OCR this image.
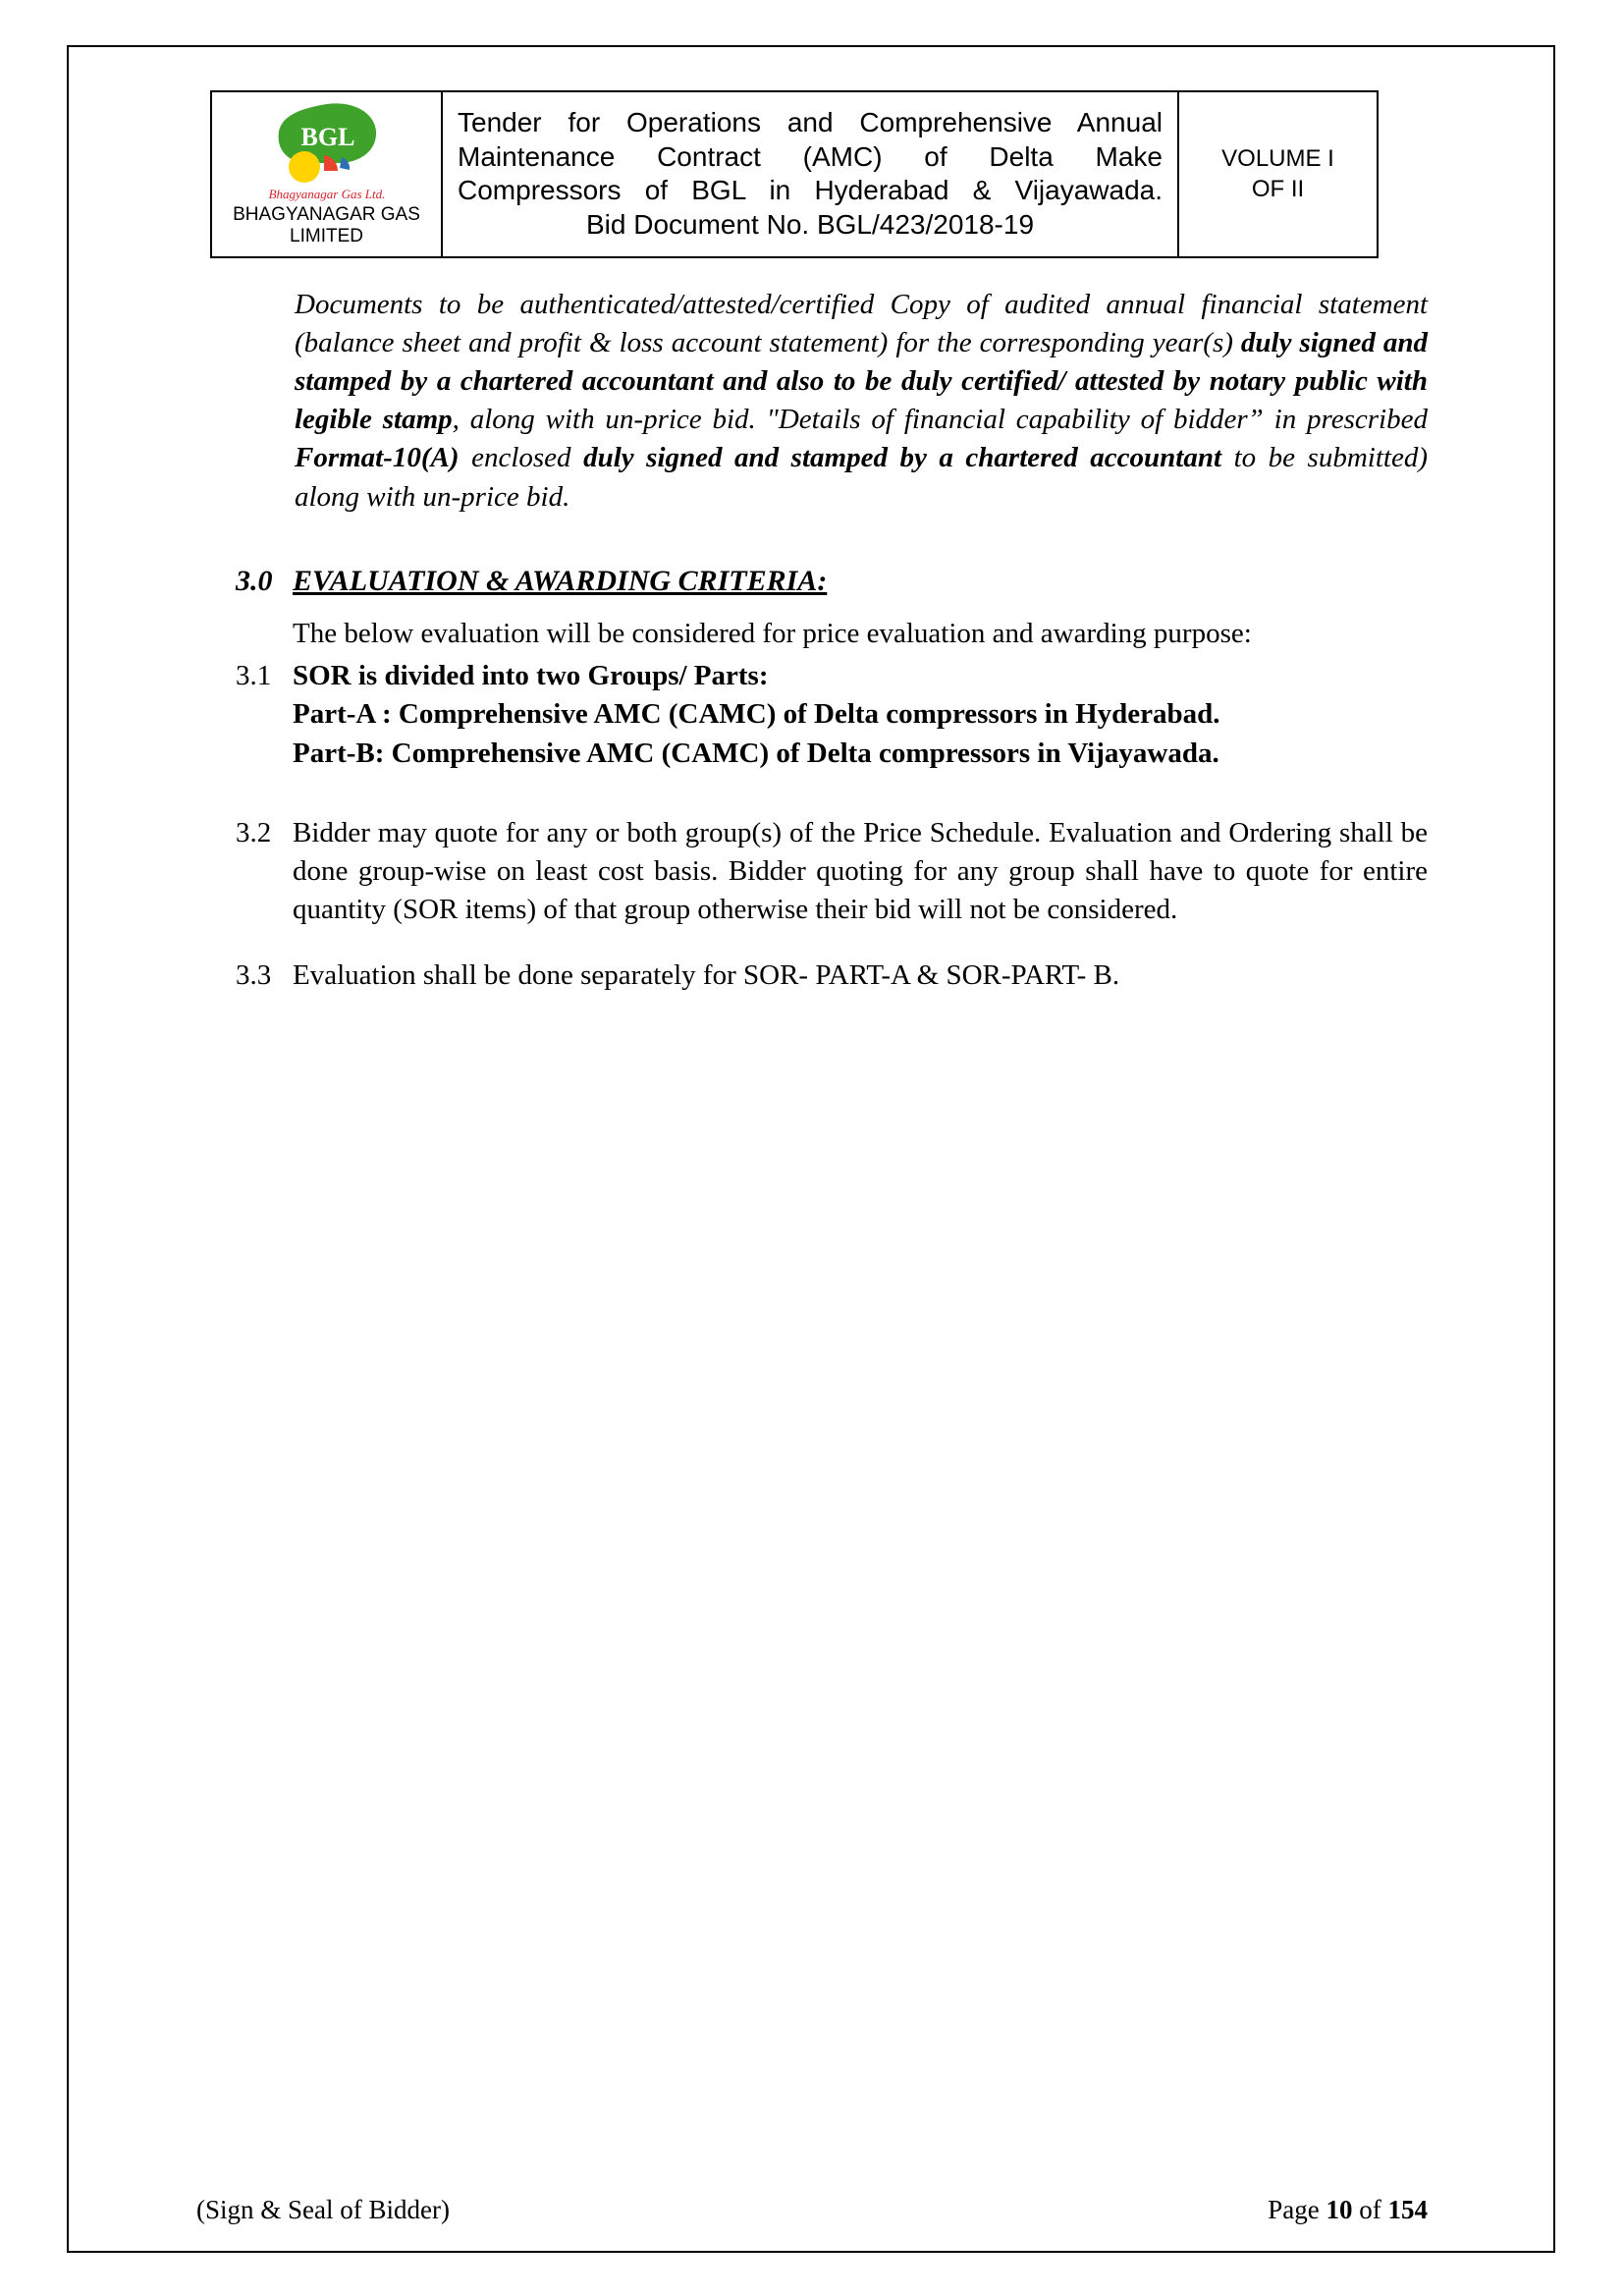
BGL
Bhagyanagar Gas Ltd.
BHAGYANAGAR GAS
LIMITED
Tender for Operations and Comprehensive Annual
Maintenance Contract (AMC) of Delta Make
Compressors of BGL in Hyderabad & Vijayawada.
Bid Document No. BGL/423/2018-19
VOLUME I
OF II

Documents to be authenticated/attested/certified Copy of audited annual financial statement (balance sheet and profit & loss account statement) for the corresponding year(s) duly signed and stamped by a chartered accountant and also to be duly certified/ attested by notary public with legible stamp, along with un-price bid. "Details of financial capability of bidder” in prescribed Format-10(A) enclosed duly signed and stamped by a chartered accountant to be submitted) along with un-price bid.

3.0 EVALUATION & AWARDING CRITERIA:
The below evaluation will be considered for price evaluation and awarding purpose:
3.1 SOR is divided into two Groups/ Parts:
Part-A : Comprehensive AMC (CAMC) of Delta compressors in Hyderabad.
Part-B: Comprehensive AMC (CAMC) of Delta compressors in Vijayawada.
3.2 Bidder may quote for any or both group(s) of the Price Schedule. Evaluation and Ordering shall be done group-wise on least cost basis. Bidder quoting for any group shall have to quote for entire quantity (SOR items) of that group otherwise their bid will not be considered.
3.3 Evaluation shall be done separately for SOR- PART-A & SOR-PART- B.
(Sign & Seal of Bidder)	Page 10 of 154
